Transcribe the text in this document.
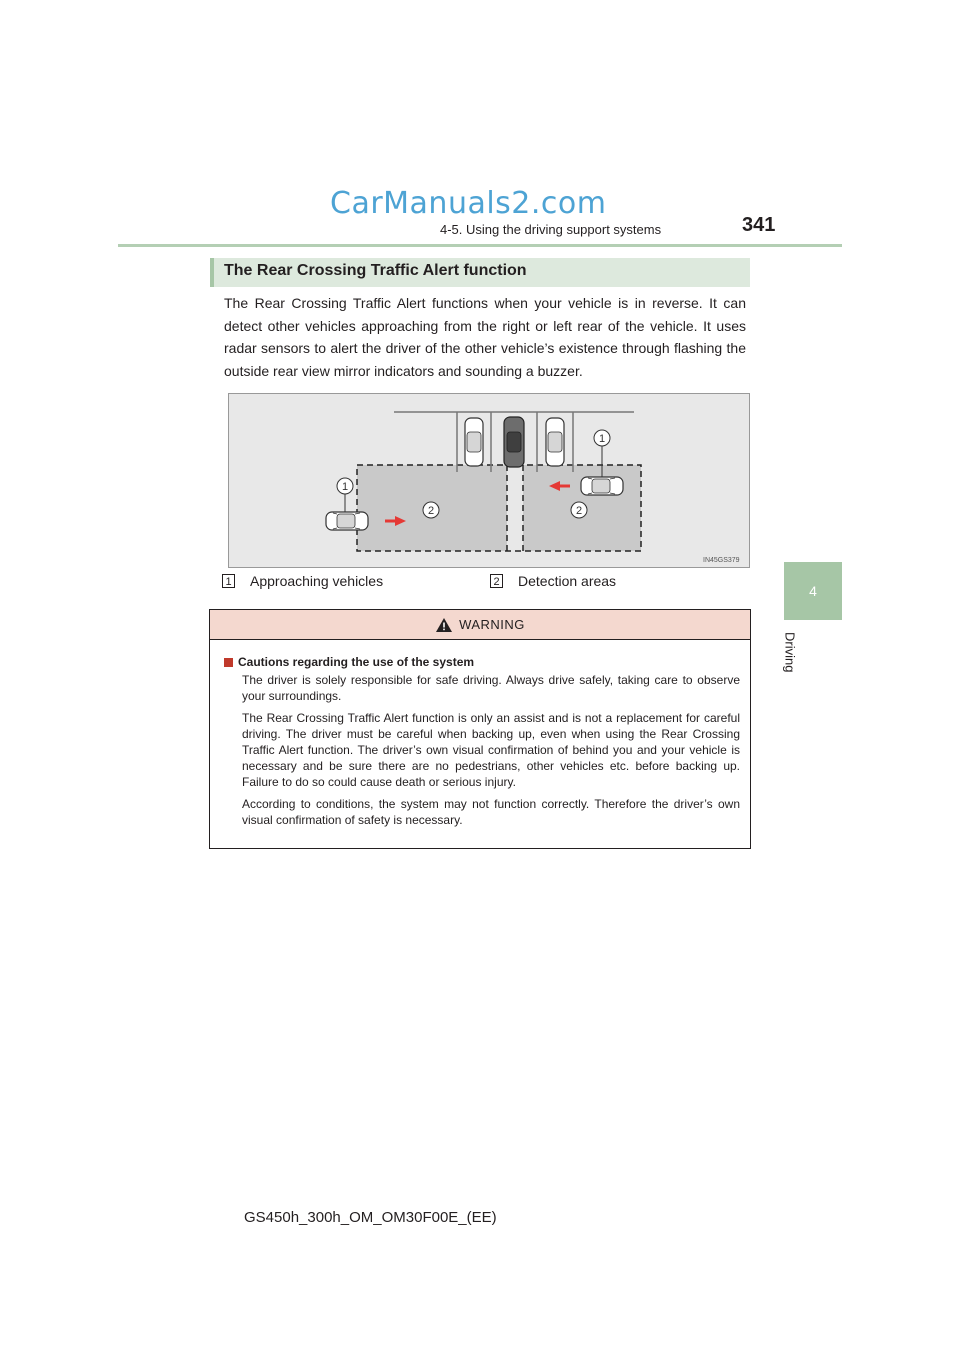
CarManuals2.com
4-5. Using the driving support systems	341
4
Driving
The Rear Crossing Traffic Alert function
The Rear Crossing Traffic Alert functions when your vehicle is in reverse. It can detect other vehicles approaching from the right or left rear of the vehicle. It uses radar sensors to alert the driver of the other vehicle’s existence through flashing the outside rear view mirror indicators and sounding a buzzer.
1
1
2	2
IN45GS379
1 Approaching vehicles	2 Detection areas
WARNING
Cautions regarding the use of the system

The driver is solely responsible for safe driving. Always drive safely, taking care to observe your surroundings.

The Rear Crossing Traffic Alert function is only an assist and is not a replacement for careful driving. The driver must be careful when backing up, even when using the Rear Crossing Traffic Alert function. The driver’s own visual confirmation of behind you and your vehicle is necessary and be sure there are no pedestrians, other vehicles etc. before backing up. Failure to do so could cause death or serious injury.

According to conditions, the system may not function correctly. Therefore the driver’s own visual confirmation of safety is necessary.

GS450h_300h_OM_OM30F00E_(EE)
